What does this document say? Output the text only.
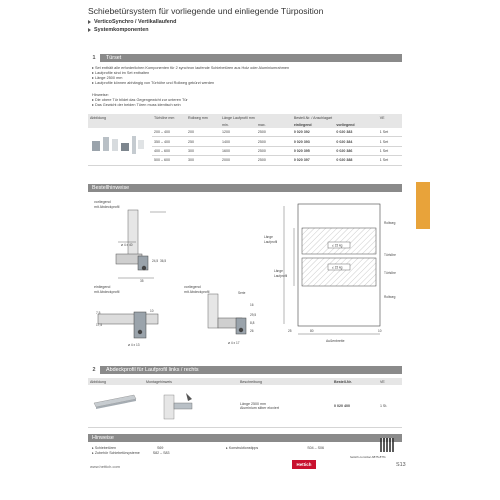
Schiebetürsystem für vorliegende und einliegende Türposition
VerticoSynchro / Vertikallaufend
Systemkomponenten
1 Türset
▸ Set enthält alle erforderlichen Komponenten für 2 synchron laufende Schiebetüren aus Holz oder Aluminiumrahmen
▸ Laufprofile sind im Set enthalten
▸ Länge 2500 mm
▸ Laufprofile können abhängig von Türhöhe und Rollweg gekürzt werden
Hinweise:
▸ Die obere Tür bildet das Gegengewicht zur unteren Tür
▸ Das Gewicht der beiden Türen muss identisch sein
Abbildung	Türhöhe mm	Rollweg mm	Länge Laufprofil mm		Bestell-Nr. / Anschlagart		VE
			min.	max.	einliegend	vorliegend	
	200 – 400	200	1200	2500	0 020 392	0 020 383	1 Set
	350 – 400	250	1400	2500	0 020 393	0 020 384	1 Set
	400 – 600	300	1600	2500	0 020 395	0 020 386	1 Set
	500 – 600	300	2000	2500	0 020 397	0 020 388	1 Set
Bestellhinweise
vorliegend
mit Abdeckprofil
ø 4 x 40
24,5 36,5
35
einliegend
mit Abdeckprofil
7,5
17,5
10
ø 4 x 13
vorliegend
mit Abdeckprofil	Serie
16
29,5
8,8
26
ø 4 x 17
≤ 15 kg
≤ 15 kg
Länge
Laufprofil
Länge
Laufprofil
Rollweg
Türhöhe
Türhöhe
Rollweg
Außenbreite
25	80	10
2 Abdeckprofil für Laufprofil links / rechts
Abbildung	Montagehinweis	Beschreibung	Bestell-Nr.	VE

Länge 2500 mm
Aluminium silber eloxiert	0 020 400	1 St.
Hinweise
▸ Schiebetüren	S69
▸ Zubehör Schiebetürsysteme	S82 – S83
▸ Konstruktionstipps	S04 – S06
hettich.com/doc-6875-8?%
www.hettich.com	Hettich	S13
